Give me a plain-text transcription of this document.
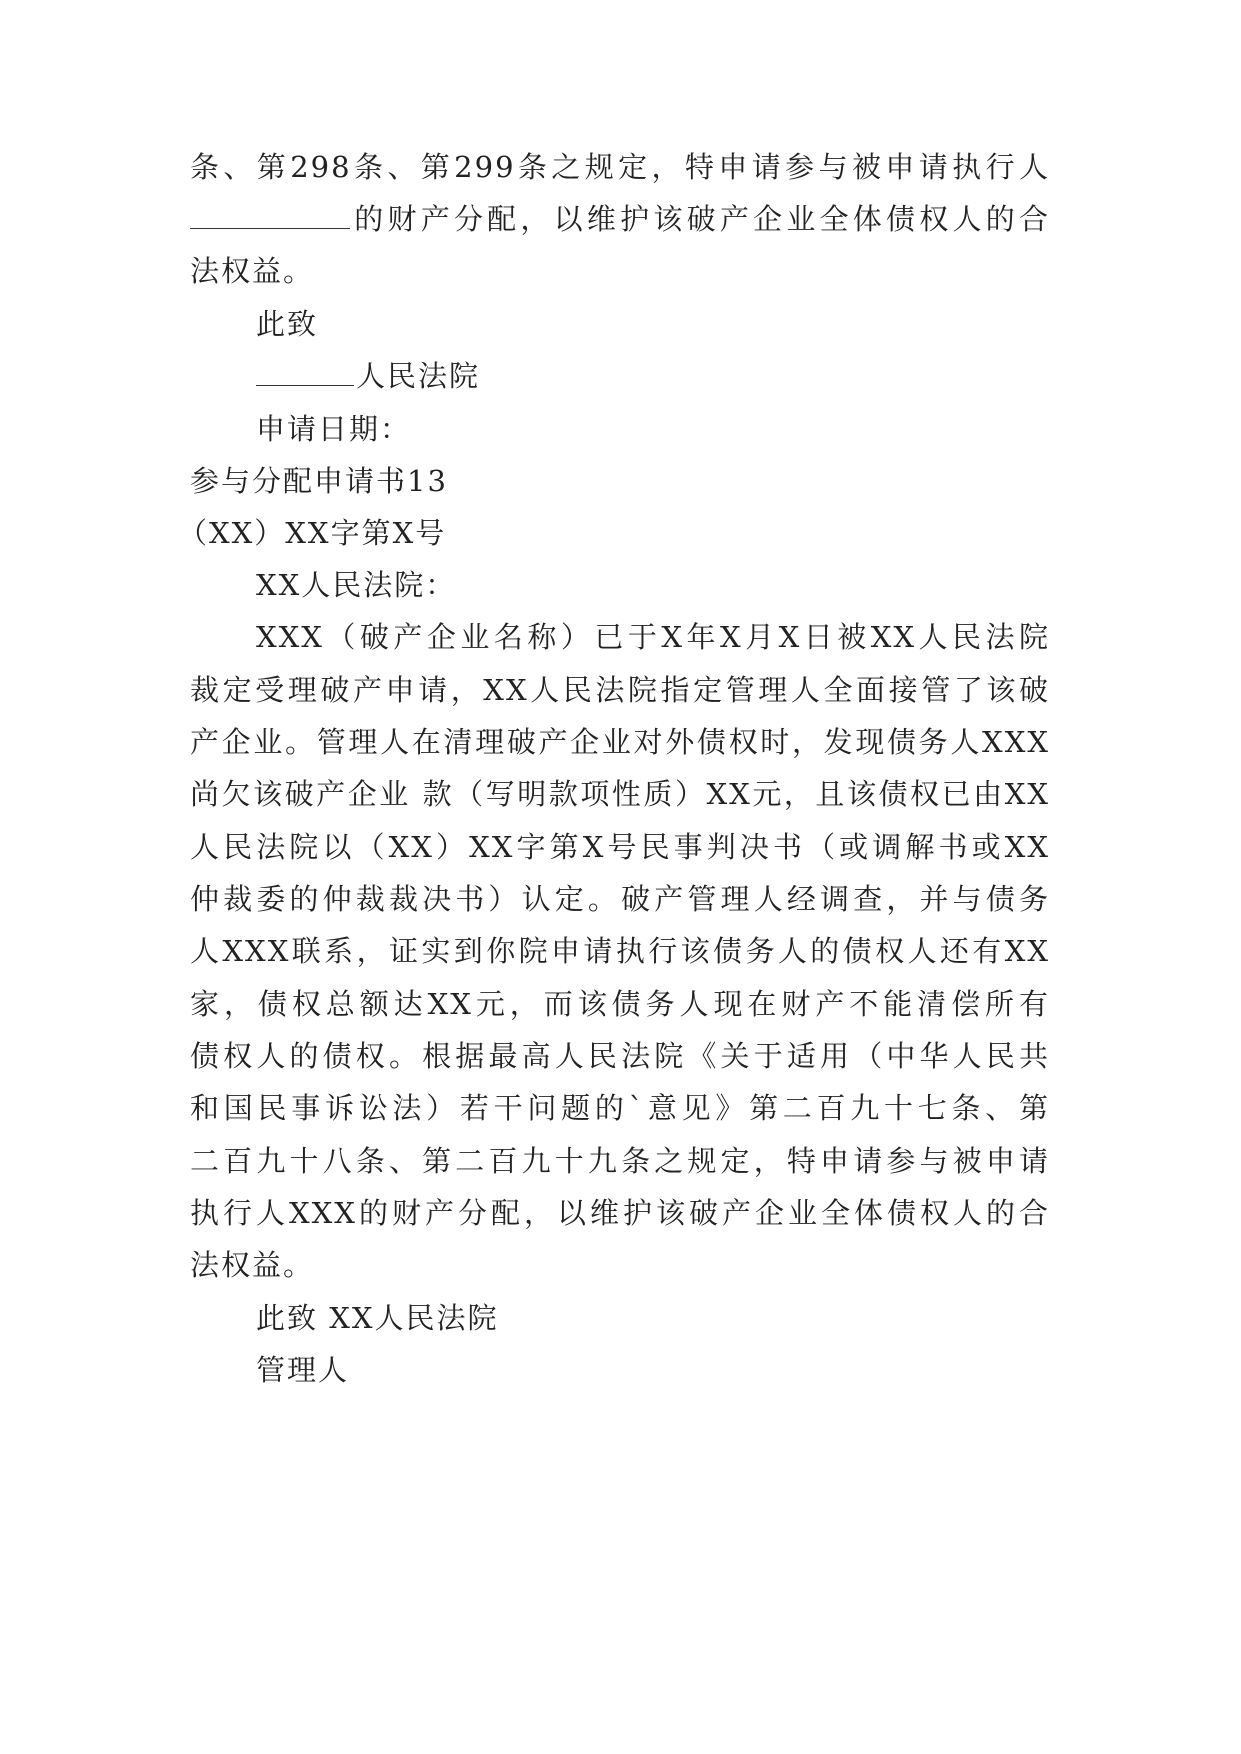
条、第298条、第299条之规定，特申请参与被申请执行人
的财产分配，以维护该破产企业全体债权人的合
法权益。
此致
人民法院
申请日期：
参与分配申请书13
（XX）XX字第X号
XX人民法院：
XXX（破产企业名称）已于X年X月X日被XX人民法院
裁定受理破产申请，XX人民法院指定管理人全面接管了该破
产企业。管理人在清理破产企业对外债权时，发现债务人XXX
尚欠该破产企业 款（写明款项性质）XX元，且该债权已由XX
人民法院以（XX）XX字第X号民事判决书（或调解书或XX
仲裁委的仲裁裁决书）认定。破产管理人经调查，并与债务
人XXX联系，证实到你院申请执行该债务人的债权人还有XX
家，债权总额达XX元，而该债务人现在财产不能清偿所有
债权人的债权。根据最高人民法院《关于适用（中华人民共
和国民事诉讼法）若干问题的`意见》第二百九十七条、第
二百九十八条、第二百九十九条之规定，特申请参与被申请
执行人XXX的财产分配，以维护该破产企业全体债权人的合
法权益。
此致 XX人民法院
管理人
